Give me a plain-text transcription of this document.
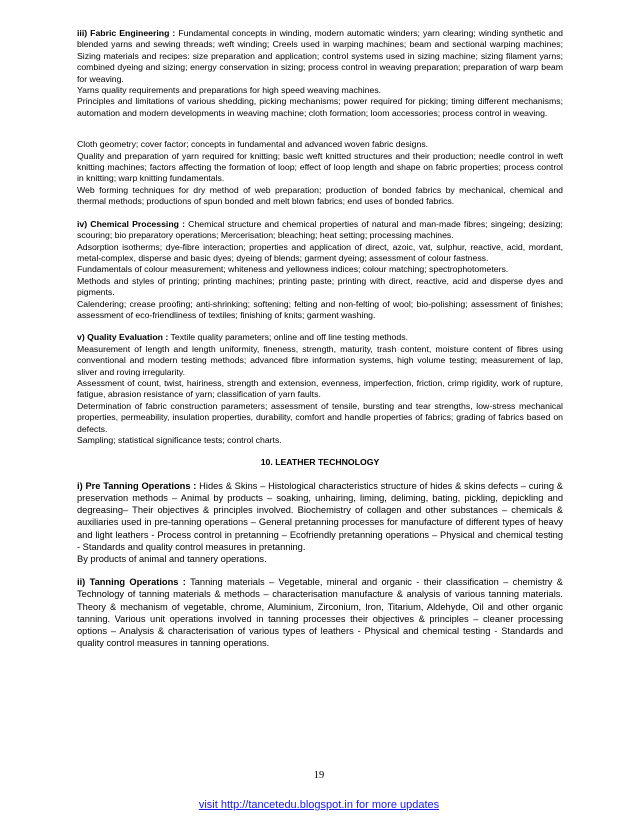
iii) Fabric Engineering : Fundamental concepts in winding, modern automatic winders; yarn clearing; winding synthetic and blended yarns and sewing threads; weft winding; Creels used in warping machines; beam and sectional warping machines; Sizing materials and recipes: size preparation and application; control systems used in sizing machine; sizing filament yarns; combined dyeing and sizing; energy conservation in sizing; process control in weaving preparation; preparation of warp beam for weaving.

Yarns quality requirements and preparations for high speed weaving machines.

Principles and limitations of various shedding, picking mechanisms; power required for picking; timing different mechanisms; automation and modern developments in weaving machine; cloth formation; loom accessories; process control in weaving.

Cloth geometry; cover factor; concepts in fundamental and advanced woven fabric designs.

Quality and preparation of yarn required for knitting; basic weft knitted structures and their production; needle control in weft knitting machines; factors affecting the formation of loop; effect of loop length and shape on fabric properties; process control in knitting; warp knitting fundamentals.

Web forming techniques for dry method of web preparation; production of bonded fabrics by mechanical, chemical and thermal methods; productions of spun bonded and melt blown fabrics; end uses of bonded fabrics.

iv) Chemical Processing : Chemical structure and chemical properties of natural and man-made fibres; singeing; desizing; scouring; bio preparatory operations; Mercerisation; bleaching; heat setting; processing machines.

Adsorption isotherms; dye-fibre interaction; properties and application of direct, azoic, vat, sulphur, reactive, acid, mordant, metal-complex, disperse and basic dyes; dyeing of blends; garment dyeing; assessment of colour fastness.

Fundamentals of colour measurement; whiteness and yellowness indices; colour matching; spectrophotometers.

Methods and styles of printing; printing machines; printing paste; printing with direct, reactive, acid and disperse dyes and pigments.

Calendering; crease proofing; anti-shrinking; softening; felting and non-felting of wool; bio-polishing; assessment of finishes; assessment of eco-friendliness of textiles; finishing of knits; garment washing.

v) Quality Evaluation : Textile quality parameters; online and off line testing methods.

Measurement of length and length uniformity, fineness, strength, maturity, trash content, moisture content of fibres using conventional and modern testing methods; advanced fibre information systems, high volume testing; measurement of lap, sliver and roving irregularity.

Assessment of count, twist, hairiness, strength and extension, evenness, imperfection, friction, crimp rigidity, work of rupture, fatigue, abrasion resistance of yarn; classification of yarn faults.

Determination of fabric construction parameters; assessment of tensile, bursting and tear strengths, low-stress mechanical properties, permeability, insulation properties, durability, comfort and handle properties of fabrics; grading of fabrics based on defects.

Sampling; statistical significance tests; control charts.

10. LEATHER TECHNOLOGY

i) Pre Tanning Operations : Hides & Skins – Histological characteristics structure of hides & skins defects – curing & preservation methods – Animal by products – soaking, unhairing, liming, deliming, bating, pickling, depickling and degreasing– Their objectives & principles involved. Biochemistry of collagen and other substances – chemicals & auxiliaries used in pre-tanning operations – General pretanning processes for manufacture of different types of heavy and light leathers - Process control in pretanning – Ecofriendly pretanning operations – Physical and chemical testing - Standards and quality control measures in pretanning.

By products of animal and tannery operations.

ii) Tanning Operations : Tanning materials – Vegetable, mineral and organic - their classification – chemistry & Technology of tanning materials & methods – characterisation manufacture & analysis of various tanning materials. Theory & mechanism of vegetable, chrome, Aluminium, Zirconium, Iron, Titarium, Aldehyde, Oil and other organic tanning. Various unit operations involved in tanning processes their objectives & principles – cleaner processing options – Analysis & characterisation of various types of leathers - Physical and chemical testing - Standards and quality control measures in tanning operations.

19
visit http://tancetedu.blogspot.in for more updates
